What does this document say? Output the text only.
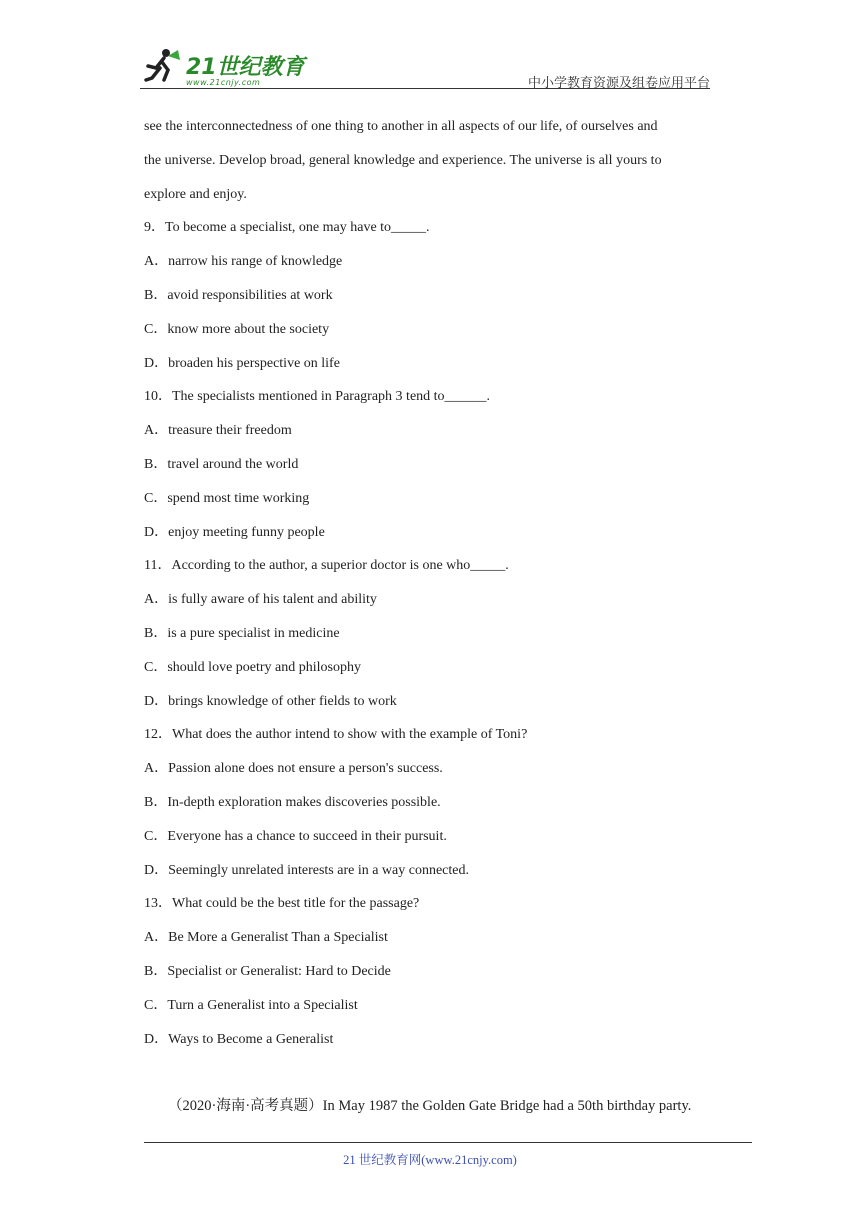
21世纪教育
www.21cnjy.com	中小学教育资源及组卷应用平台
see the interconnectedness of one thing to another in all aspects of our life, of ourselves and
the universe. Develop broad, general knowledge and experience. The universe is all yours to
explore and enjoy.
9．To become a specialist, one may have to_____.
A．narrow his range of knowledge
B．avoid responsibilities at work
C．know more about the society
D．broaden his perspective on life
10．The specialists mentioned in Paragraph 3 tend to______.
A．treasure their freedom
B．travel around the world
C．spend most time working
D．enjoy meeting funny people
11．According to the author, a superior doctor is one who_____.
A．is fully aware of his talent and ability
B．is a pure specialist in medicine
C．should love poetry and philosophy
D．brings knowledge of other fields to work
12．What does the author intend to show with the example of Toni?
A．Passion alone does not ensure a person's success.
B．In-depth exploration makes discoveries possible.
C．Everyone has a chance to succeed in their pursuit.
D．Seemingly unrelated interests are in a way connected.
13．What could be the best title for the passage?
A．Be More a Generalist Than a Specialist
B．Specialist or Generalist: Hard to Decide
C．Turn a Generalist into a Specialist
D．Ways to Become a Generalist
（2020·海南·高考真题）In May 1987 the Golden Gate Bridge had a 50th birthday party.
21 世纪教育网(www.21cnjy.com)
